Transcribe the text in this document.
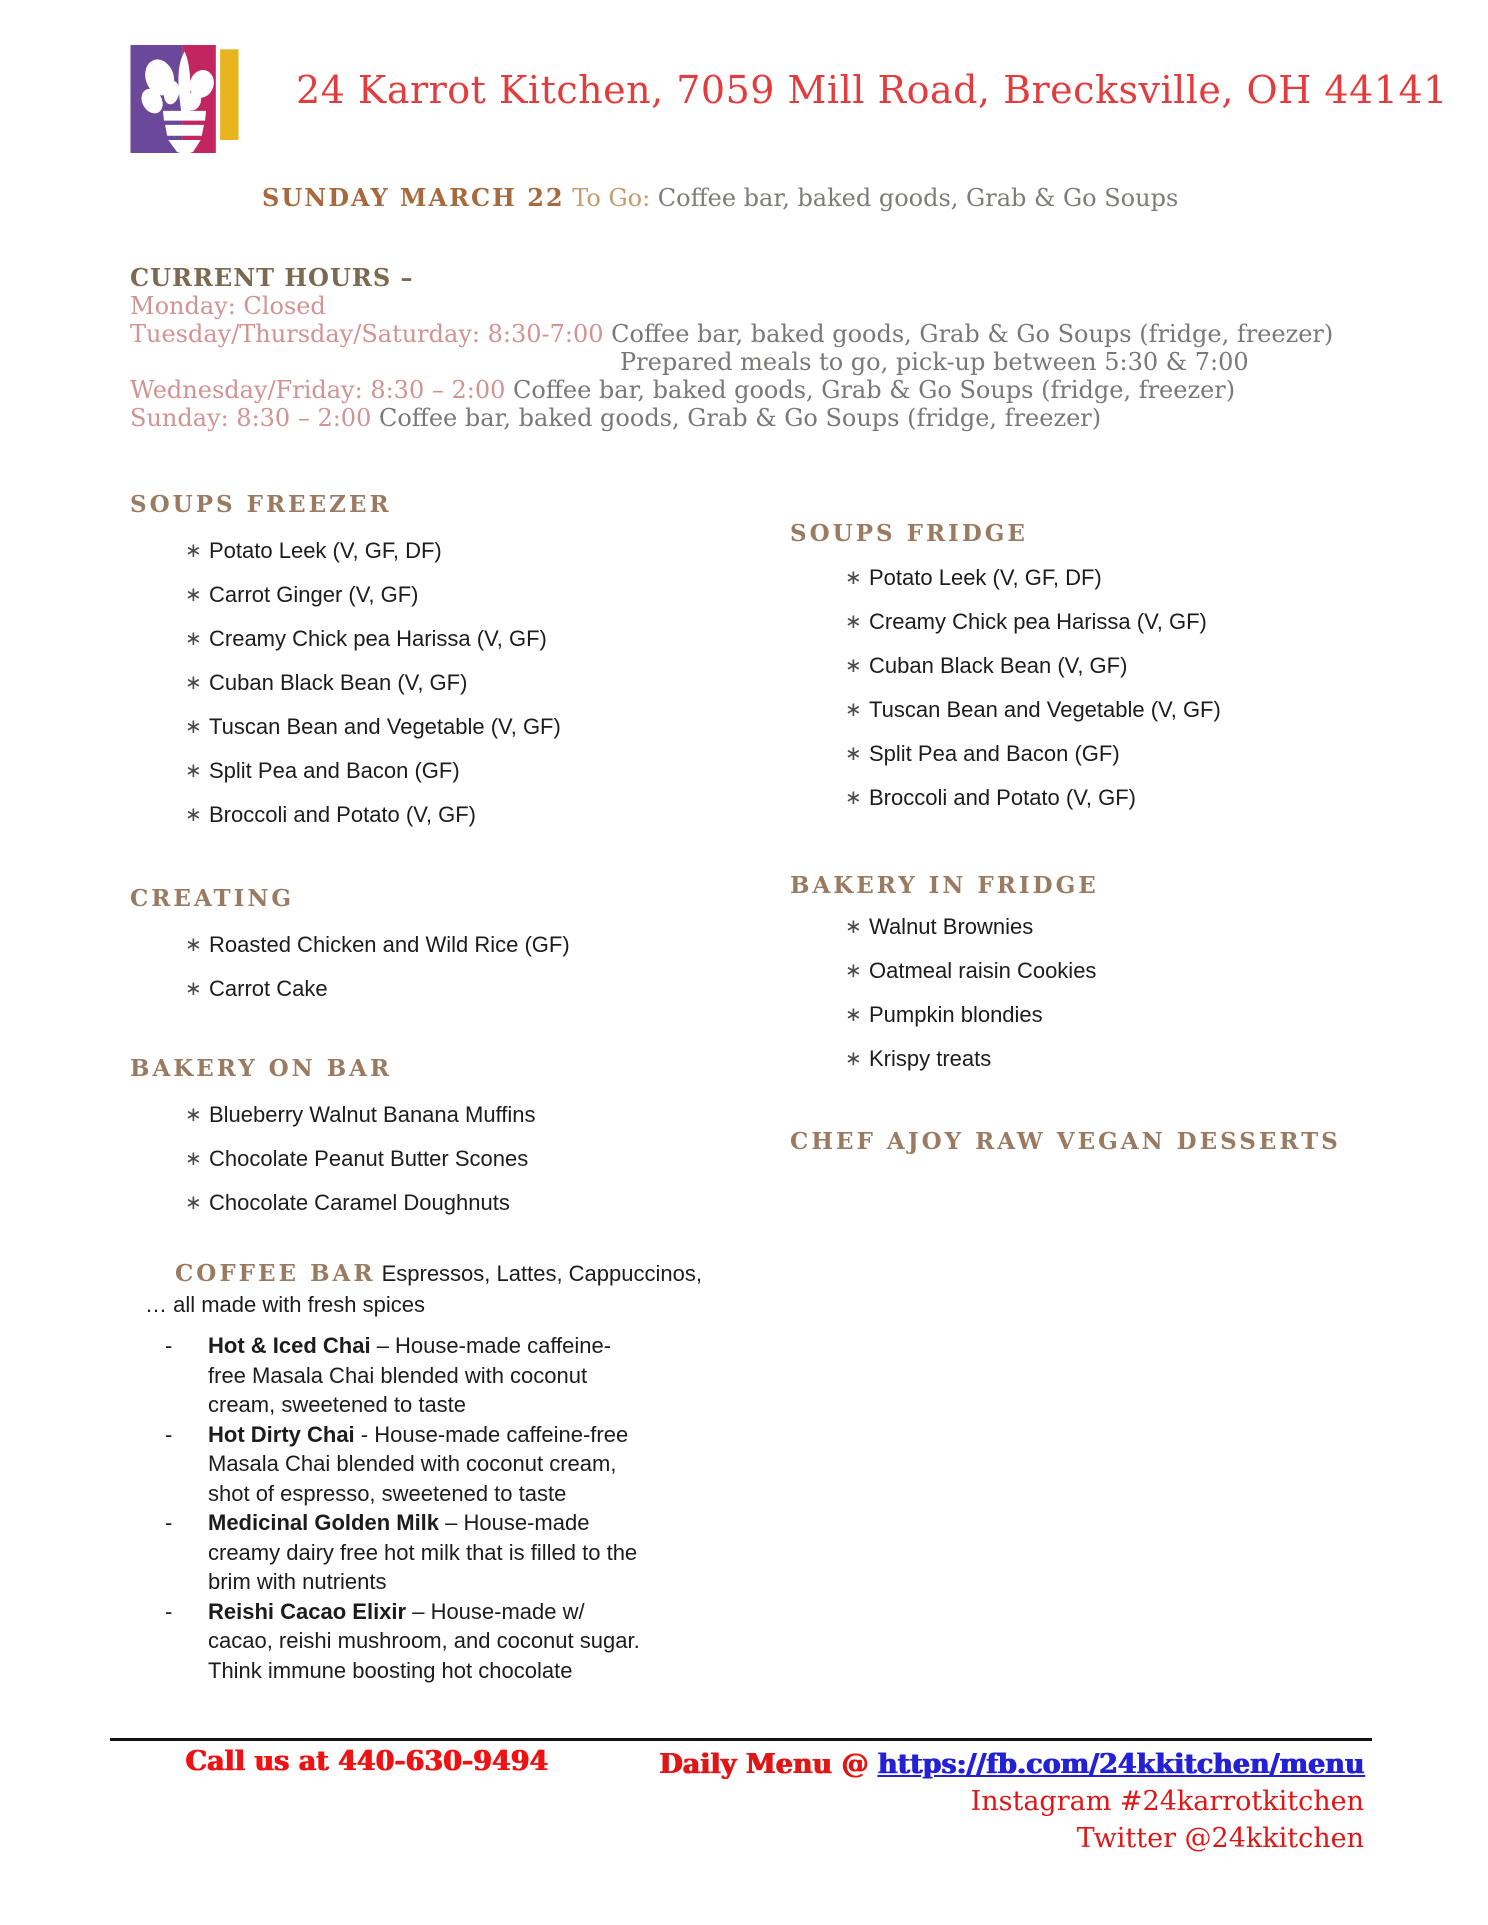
24 Karrot Kitchen, 7059 Mill Road, Brecksville, OH 44141
SUNDAY MARCH 22 To Go: Coffee bar, baked goods, Grab & Go Soups
CURRENT HOURS –
Monday: Closed
Tuesday/Thursday/Saturday: 8:30-7:00 Coffee bar, baked goods, Grab & Go Soups (fridge, freezer)
Prepared meals to go, pick-up between 5:30 & 7:00
Wednesday/Friday: 8:30 – 2:00 Coffee bar, baked goods, Grab & Go Soups (fridge, freezer)
Sunday: 8:30 – 2:00 Coffee bar, baked goods, Grab & Go Soups (fridge, freezer)
SOUPS FREEZER
∗ Potato Leek (V, GF, DF)
∗ Carrot Ginger (V, GF)
∗ Creamy Chick pea Harissa (V, GF)
∗ Cuban Black Bean (V, GF)
∗ Tuscan Bean and Vegetable (V, GF)
∗ Split Pea and Bacon (GF)
∗ Broccoli and Potato (V, GF)
CREATING
∗ Roasted Chicken and Wild Rice (GF)
∗ Carrot Cake
BAKERY ON BAR
∗ Blueberry Walnut Banana Muffins
∗ Chocolate Peanut Butter Scones
∗ Chocolate Caramel Doughnuts
COFFEE BAR Espressos, Lattes, Cappuccinos,
… all made with fresh spices
- Hot & Iced Chai – House-made caffeine-free Masala Chai blended with coconut cream, sweetened to taste
- Hot Dirty Chai - House-made caffeine-free Masala Chai blended with coconut cream, shot of espresso, sweetened to taste
- Medicinal Golden Milk – House-made creamy dairy free hot milk that is filled to the brim with nutrients
- Reishi Cacao Elixir – House-made w/ cacao, reishi mushroom, and coconut sugar. Think immune boosting hot chocolate
SOUPS FRIDGE
∗ Potato Leek (V, GF, DF)
∗ Creamy Chick pea Harissa (V, GF)
∗ Cuban Black Bean (V, GF)
∗ Tuscan Bean and Vegetable (V, GF)
∗ Split Pea and Bacon (GF)
∗ Broccoli and Potato (V, GF)
BAKERY IN FRIDGE
∗ Walnut Brownies
∗ Oatmeal raisin Cookies
∗ Pumpkin blondies
∗ Krispy treats
CHEF AJOY RAW VEGAN DESSERTS
Call us at 440-630-9494	Daily Menu @ https://fb.com/24kkitchen/menu
Instagram #24karrotkitchen
Twitter @24kkitchen
